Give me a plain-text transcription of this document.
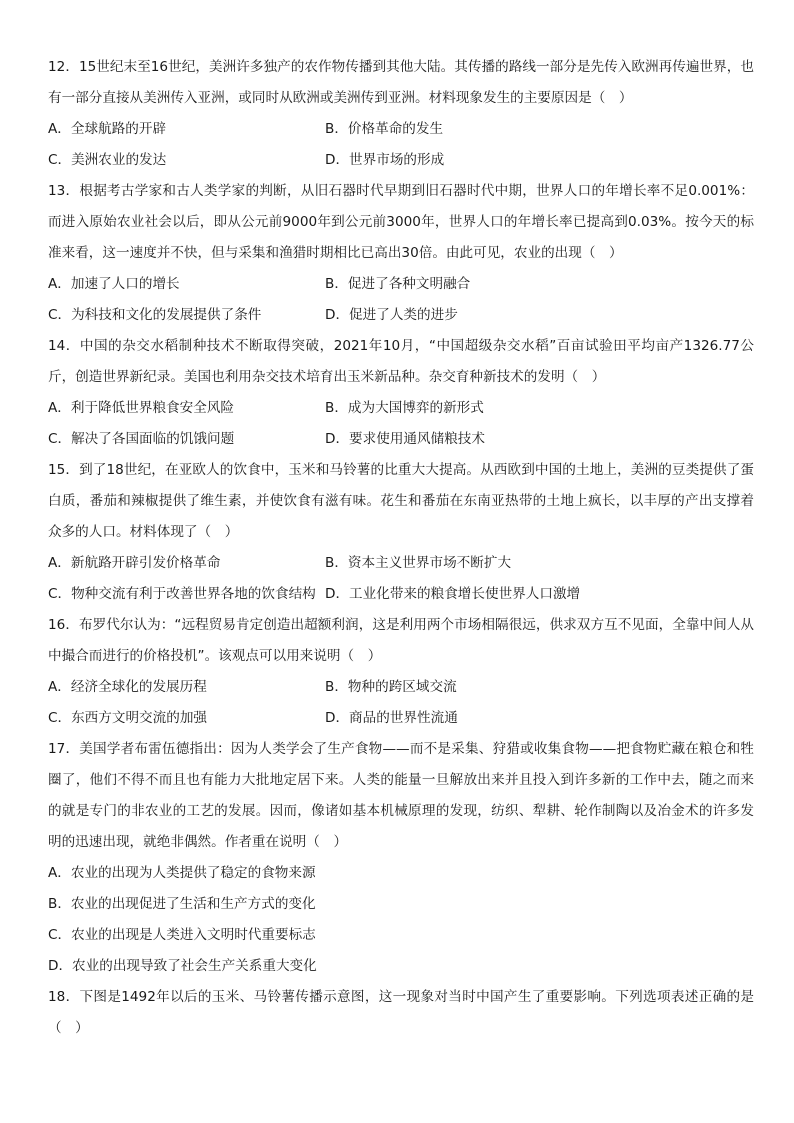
12．15世纪末至16世纪，美洲许多独产的农作物传播到其他大陆。其传播的路线一部分是先传入欧洲再传遍世界，也有一部分直接从美洲传入亚洲，或同时从欧洲或美洲传到亚洲。材料现象发生的主要原因是（　）

A．全球航路的开辟	B．价格革命的发生
C．美洲农业的发达	D．世界市场的形成

13．根据考古学家和古人类学家的判断，从旧石器时代早期到旧石器时代中期，世界人口的年增长率不足0.001%：而进入原始农业社会以后，即从公元前9000年到公元前3000年，世界人口的年增长率已提高到0.03%。按今天的标准来看，这一速度并不快，但与采集和渔猎时期相比已高出30倍。由此可见，农业的出现（　）

A．加速了人口的增长	B．促进了各种文明融合
C．为科技和文化的发展提供了条件	D．促进了人类的进步

14．中国的杂交水稻制种技术不断取得突破，2021年10月，“中国超级杂交水稻”百亩试验田平均亩产1326.77公斤，创造世界新纪录。美国也利用杂交技术培育出玉米新品种。杂交育种新技术的发明（　）

A．利于降低世界粮食安全风险	B．成为大国博弈的新形式
C．解决了各国面临的饥饿问题	D．要求使用通风储粮技术

15．到了18世纪，在亚欧人的饮食中，玉米和马铃薯的比重大大提高。从西欧到中国的土地上，美洲的豆类提供了蛋白质，番茄和辣椒提供了维生素，并使饮食有滋有味。花生和番茄在东南亚热带的土地上疯长，以丰厚的产出支撑着众多的人口。材料体现了（　）

A．新航路开辟引发价格革命	B．资本主义世界市场不断扩大
C．物种交流有利于改善世界各地的饮食结构 D．工业化带来的粮食增长使世界人口激增

16．布罗代尔认为：“远程贸易肯定创造出超额利润，这是利用两个市场相隔很远，供求双方互不见面，全靠中间人从中撮合而进行的价格投机”。该观点可以用来说明（　）

A．经济全球化的发展历程	B．物种的跨区域交流
C．东西方文明交流的加强	D．商品的世界性流通

17．美国学者布雷伍德指出：因为人类学会了生产食物——而不是采集、狩猎或收集食物——把食物贮藏在粮仓和牲圈了，他们不得不而且也有能力大批地定居下来。人类的能量一旦解放出来并且投入到许多新的工作中去，随之而来的就是专门的非农业的工艺的发展。因而，像诸如基本机械原理的发现，纺织、犁耕、轮作制陶以及冶金术的许多发明的迅速出现，就绝非偶然。作者重在说明（　）

A．农业的出现为人类提供了稳定的食物来源
B．农业的出现促进了生活和生产方式的变化
C．农业的出现是人类进入文明时代重要标志
D．农业的出现导致了社会生产关系重大变化

18．下图是1492年以后的玉米、马铃薯传播示意图，这一现象对当时中国产生了重要影响。下列选项表述正确的是（　）
